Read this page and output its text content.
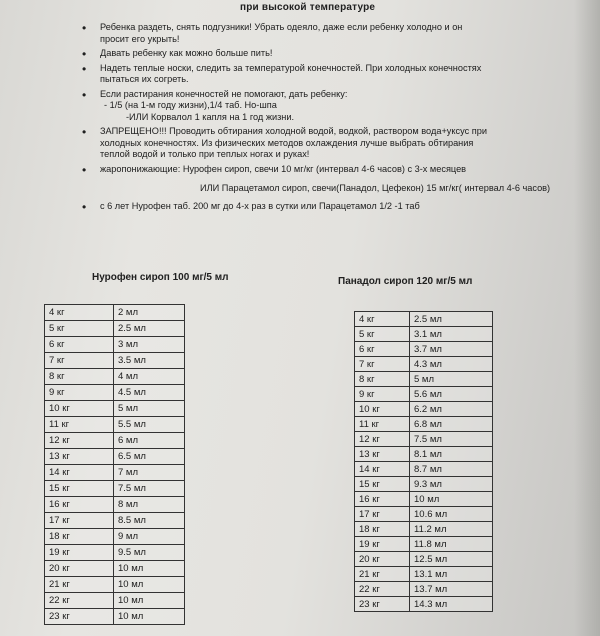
при высокой температуре
• Ребенка раздеть, снять подгузники! Убрать одеяло, даже если ребенку холодно и он
просит его укрыть!
• Давать ребенку как можно больше пить!
• Надеть теплые носки, следить за температурой конечностей. При холодных конечностях
пытаться их согреть.
• Если растирания конечностей не помогают, дать ребенку:
- 1/5 (на 1-м году жизни),1/4 таб. Но-шпа
-ИЛИ Корвалол 1 капля на 1 год жизни.
• ЗАПРЕЩЕНО!!! Проводить обтирания холодной водой, водкой, раствором вода+уксус при
холодных конечностях. Из физических методов охлаждения лучше выбрать обтирания
теплой водой и только при теплых ногах и руках!
• жаропонижающие: Нурофен сироп, свечи 10 мг/кг (интервал 4-6 часов) с 3-х месяцев
ИЛИ Парацетамол сироп, свечи(Панадол, Цефекон) 15 мг/кг( интервал 4-6 часов)
• с 6 лет Нурофен таб. 200 мг до 4-х раз в сутки или Парацетамол 1/2 -1 таб
Нурофен сироп 100 мг/5 мл	Панадол сироп 120 мг/5 мл
4 кг	2 мл
5 кг	2.5 мл
6 кг	3 мл
7 кг	3.5 мл
8 кг	4 мл
9 кг	4.5 мл
10 кг	5 мл
11 кг	5.5 мл
12 кг	6 мл
13 кг	6.5 мл
14 кг	7 мл
15 кг	7.5 мл
16 кг	8 мл
17 кг	8.5 мл
18 кг	9 мл
19 кг	9.5 мл
20 кг	10 мл
21 кг	10 мл
22 кг	10 мл
23 кг	10 мл
4 кг	2.5 мл
5 кг	3.1 мл
6 кг	3.7 мл
7 кг	4.3 мл
8 кг	5 мл
9 кг	5.6 мл
10 кг	6.2 мл
11 кг	6.8 мл
12 кг	7.5 мл
13 кг	8.1 мл
14 кг	8.7 мл
15 кг	9.3 мл
16 кг	10 мл
17 кг	10.6 мл
18 кг	11.2 мл
19 кг	11.8 мл
20 кг	12.5 мл
21 кг	13.1 мл
22 кг	13.7 мл
23 кг	14.3 мл
